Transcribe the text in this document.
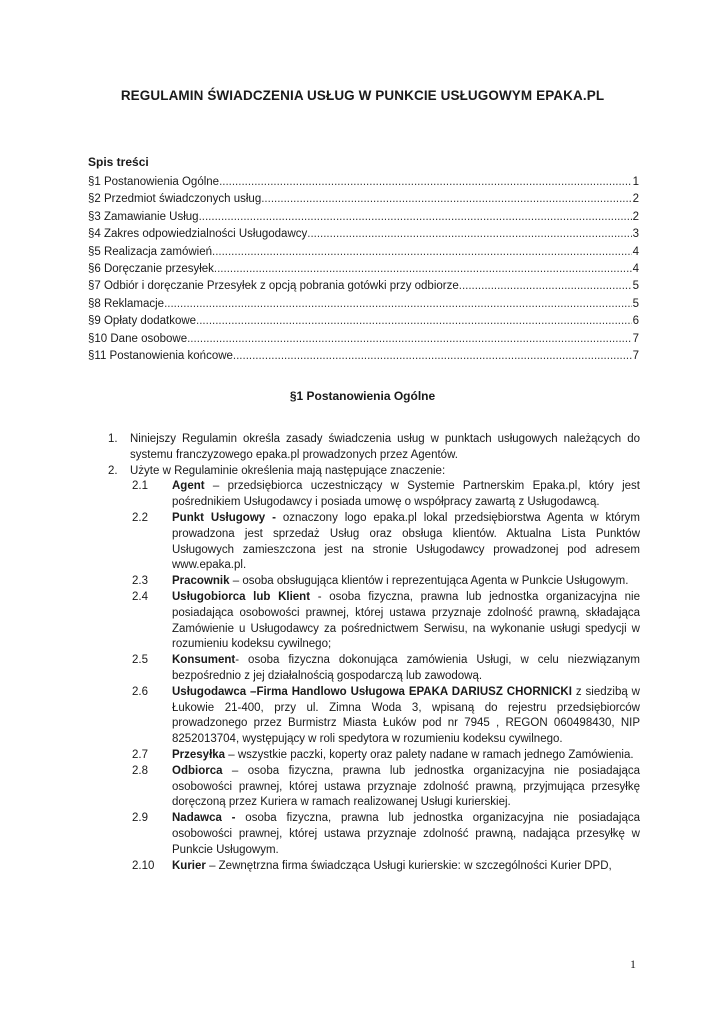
REGULAMIN ŚWIADCZENIA USŁUG W PUNKCIE USŁUGOWYM EPAKA.PL
Spis treści
§1 Postanowienia Ogólne .....	1
§2 Przedmiot świadczonych usług .....	2
§3 Zamawianie Usług .....	2
§4 Zakres odpowiedzialności Usługodawcy .....	3
§5 Realizacja zamówień .....	4
§6 Doręczanie przesyłek .....	4
§7 Odbiór i doręczanie Przesyłek z opcją pobrania gotówki przy odbiorze .....	5
§8 Reklamacje .....	5
§9 Opłaty dodatkowe .....	6
§10 Dane osobowe .....	7
§11 Postanowienia końcowe .....	7
§1 Postanowienia Ogólne
1.	Niniejszy Regulamin określa zasady świadczenia usług w punktach usługowych należących do systemu franczyzowego epaka.pl prowadzonych przez Agentów.
2.	Użyte w Regulaminie określenia mają następujące znaczenie:
2.1	Agent – przedsiębiorca uczestniczący w Systemie Partnerskim Epaka.pl, który jest pośrednikiem Usługodawcy i posiada umowę o współpracy zawartą z Usługodawcą.
2.2	Punkt Usługowy - oznaczony logo epaka.pl lokal przedsiębiorstwa Agenta w którym prowadzona jest sprzedaż Usług oraz obsługa klientów. Aktualna Lista Punktów Usługowych zamieszczona jest na stronie Usługodawcy prowadzonej pod adresem www.epaka.pl.
2.3	Pracownik – osoba obsługująca klientów i reprezentująca Agenta w Punkcie Usługowym.
2.4	Usługobiorca lub Klient - osoba fizyczna, prawna lub jednostka organizacyjna nie posiadająca osobowości prawnej, której ustawa przyznaje zdolność prawną, składająca Zamówienie u Usługodawcy za pośrednictwem Serwisu, na wykonanie usługi spedycji w rozumieniu kodeksu cywilnego;
2.5	Konsument- osoba fizyczna dokonująca zamówienia Usługi, w celu niezwiązanym bezpośrednio z jej działalnością gospodarczą lub zawodową.
2.6	Usługodawca –Firma Handlowo Usługowa EPAKA DARIUSZ CHORNICKI z siedzibą w Łukowie 21-400, przy ul. Zimna Woda 3, wpisaną do rejestru przedsiębiorców prowadzonego przez Burmistrz Miasta Łuków pod nr 7945 , REGON 060498430, NIP 8252013704, występujący w roli spedytora w rozumieniu kodeksu cywilnego.
2.7	Przesyłka – wszystkie paczki, koperty oraz palety nadane w ramach jednego Zamówienia.
2.8	Odbiorca – osoba fizyczna, prawna lub jednostka organizacyjna nie posiadająca osobowości prawnej, której ustawa przyznaje zdolność prawną, przyjmująca przesyłkę doręczoną przez Kuriera w ramach realizowanej Usługi kurierskiej.
2.9	Nadawca - osoba fizyczna, prawna lub jednostka organizacyjna nie posiadająca osobowości prawnej, której ustawa przyznaje zdolność prawną, nadająca przesyłkę w Punkcie Usługowym.
2.10	Kurier – Zewnętrzna firma świadcząca Usługi kurierskie: w szczególności Kurier DPD,
1
